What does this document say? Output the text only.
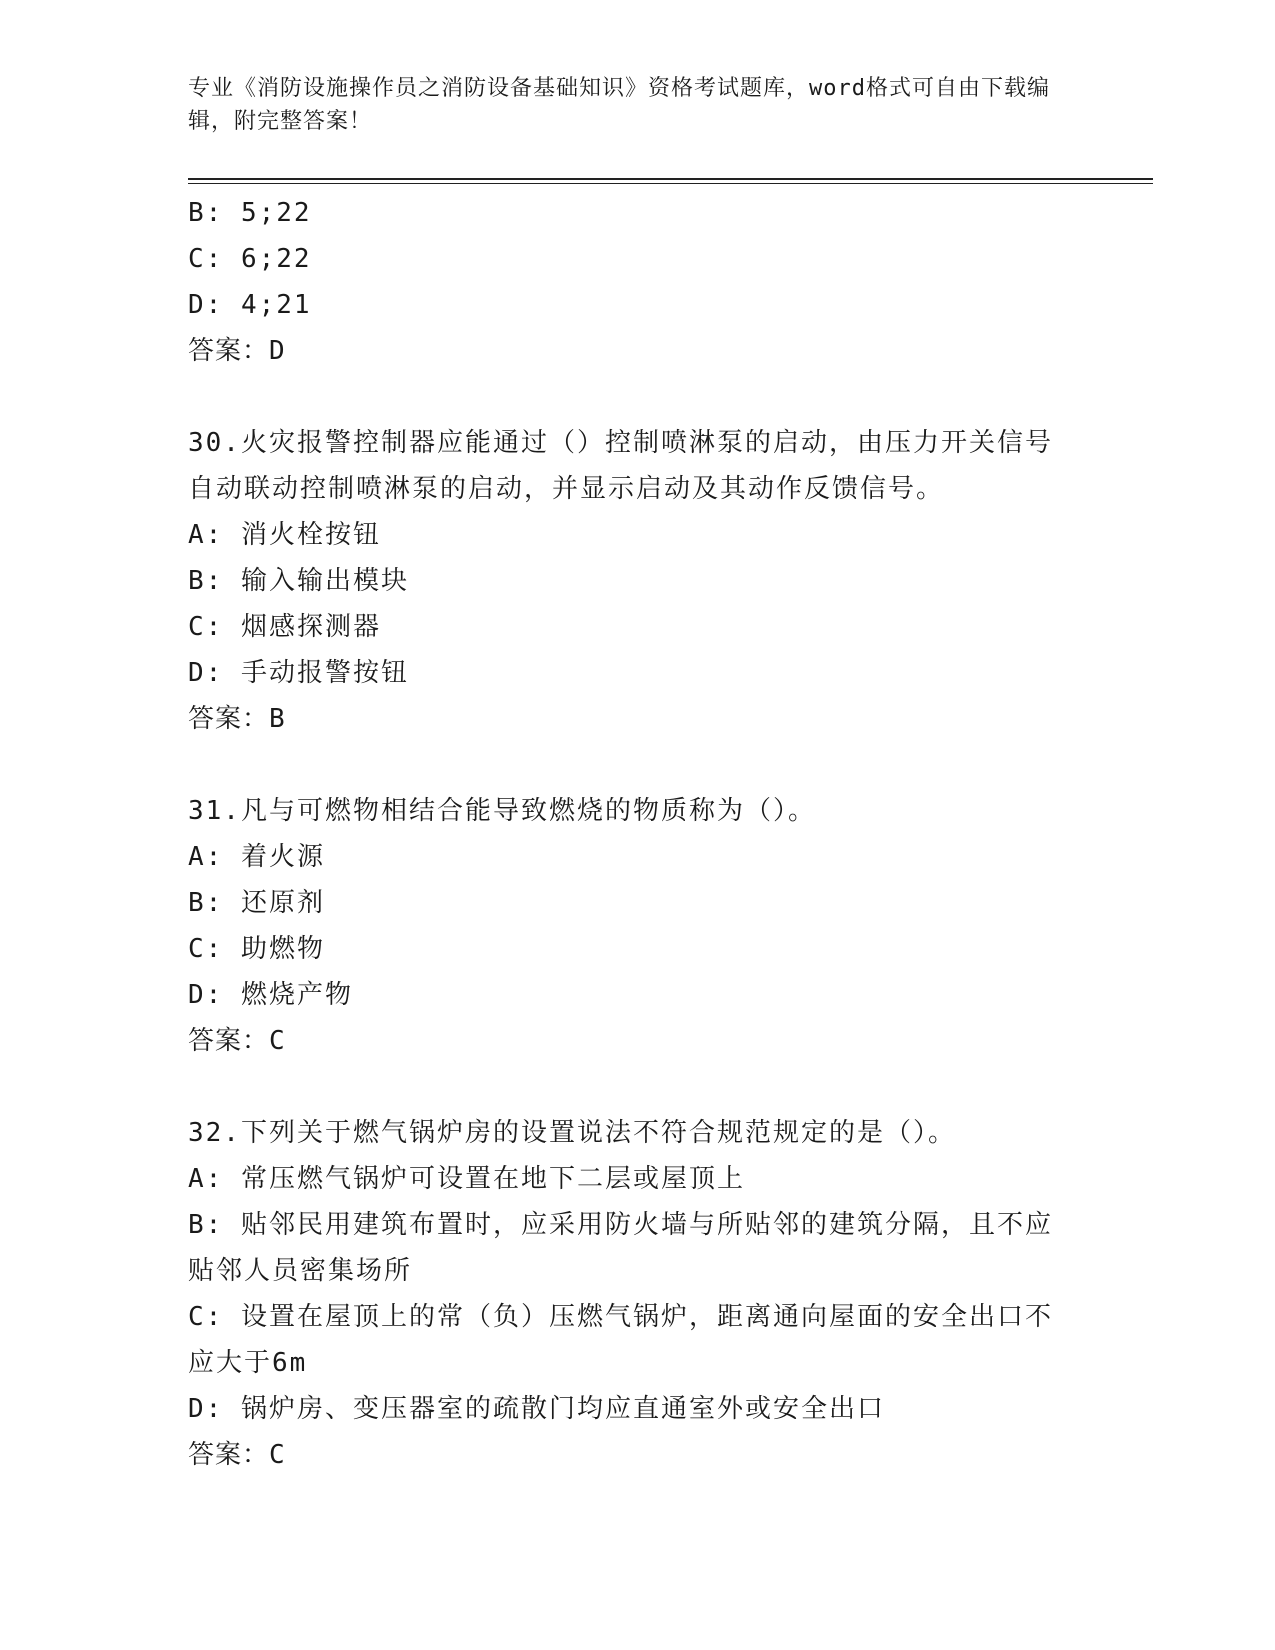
专业《消防设施操作员之消防设备基础知识》资格考试题库，word格式可自由下载编辑，附完整答案！
B: 5;22
C: 6;22
D: 4;21
答案：D
30.火灾报警控制器应能通过（）控制喷淋泵的启动，由压力开关信号
自动联动控制喷淋泵的启动，并显示启动及其动作反馈信号。
A: 消火栓按钮
B: 输入输出模块
C: 烟感探测器
D: 手动报警按钮
答案：B
31.凡与可燃物相结合能导致燃烧的物质称为（）。
A: 着火源
B: 还原剂
C: 助燃物
D: 燃烧产物
答案：C
32.下列关于燃气锅炉房的设置说法不符合规范规定的是（）。
A: 常压燃气锅炉可设置在地下二层或屋顶上
B: 贴邻民用建筑布置时，应采用防火墙与所贴邻的建筑分隔，且不应
贴邻人员密集场所
C: 设置在屋顶上的常（负）压燃气锅炉，距离通向屋面的安全出口不
应大于6m
D: 锅炉房、变压器室的疏散门均应直通室外或安全出口
答案：C
